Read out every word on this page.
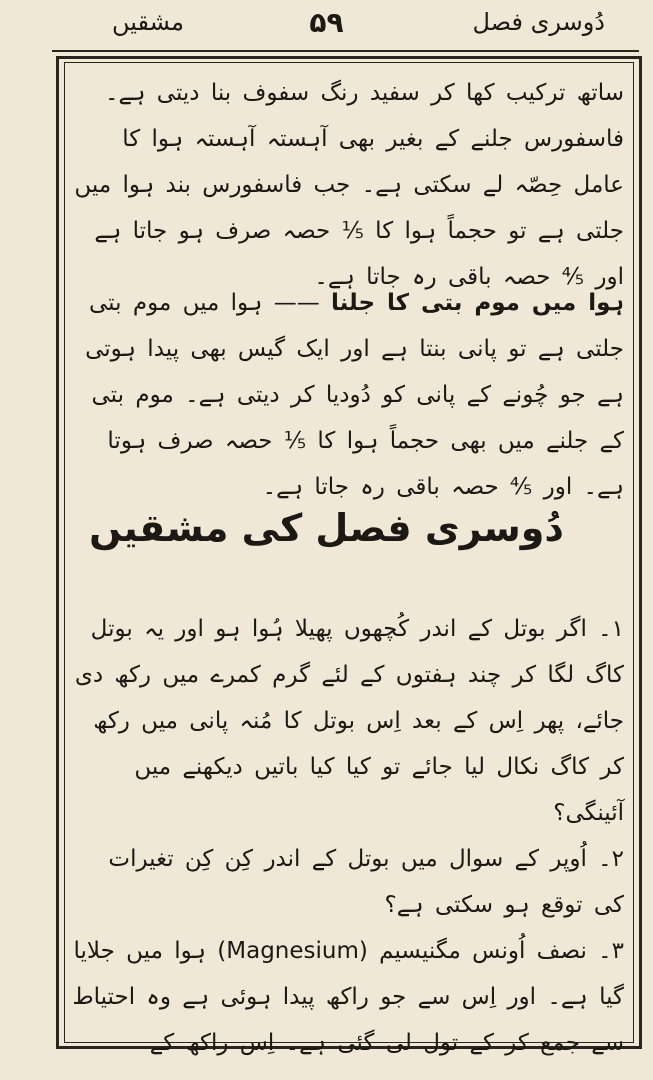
مشقیں	۵۹	دُوسری فصل

ساتھ ترکیب کھا کر سفید رنگ سفوف بنا دیتی ہے۔ فاسفورس جلنے کے بغیر بھی آہستہ آہستہ ہوا کا عامل حِصّہ لے سکتی ہے۔ جب فاسفورس بند ہوا میں جلتی ہے تو حجماً ہوا کا ⅕ حصہ صرف ہو جاتا ہے اور ⅘ حصہ باقی رہ جاتا ہے۔

ہوا میں موم بتی کا جلنا —— ہوا میں موم بتی جلتی ہے تو پانی بنتا ہے اور ایک گیس بھی پیدا ہوتی ہے جو چُونے کے پانی کو دُودیا کر دیتی ہے۔ موم بتی کے جلنے میں بھی حجماً ہوا کا ⅕ حصہ صرف ہوتا ہے۔ اور ⅘ حصہ باقی رہ جاتا ہے۔

دُوسری فصل کی مشقیں

۱۔ اگر بوتل کے اندر کُچھوں پھیلا ہُوا ہو اور یہ بوتل کاگ لگا کر چند ہفتوں کے لئے گرم کمرے میں رکھ دی جائے، پھر اِس کے بعد اِس بوتل کا مُنہ پانی میں رکھ کر کاگ نکال لیا جائے تو کیا کیا باتیں دیکھنے میں آئینگی؟

۲۔ اُوپر کے سوال میں بوتل کے اندر کِن کِن تغیرات کی توقع ہو سکتی ہے؟

۳۔ نصف اُونس مگنیسیم (Magnesium) ہوا میں جلایا گیا ہے۔ اور اِس سے جو راکھ پیدا ہوئی ہے وہ احتیاط سے جمع کر کے تول لی گئی ہے۔ اِس راکھ کے
